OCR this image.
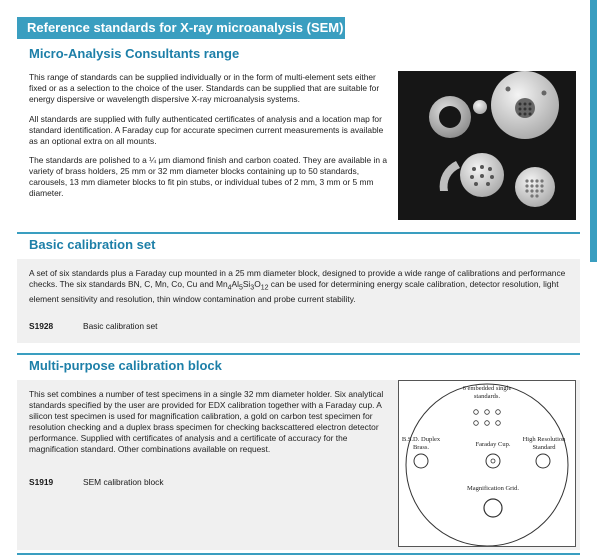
Reference standards for X-ray microanalysis (SEM)
Micro-Analysis Consultants range

This range of standards can be supplied individually or in the form of multi-element sets either fixed or as a selection to the choice of the user. Standards can be supplied that are suitable for energy dispersive or wavelength dispersive X-ray microanalysis systems.

All standards are supplied with fully authenticated certificates of analysis and a location map for standard identification. A Faraday cup for accurate specimen current measurements is available as an optional extra on all mounts.

The standards are polished to a ¼ μm diamond finish and carbon coated. They are available in a variety of brass holders, 25 mm or 32 mm diameter blocks containing up to 50 standards, carousels, 13 mm diameter blocks to fit pin stubs, or individual tubes of 2 mm, 3 mm or 5 mm diameter.

Basic calibration set

A set of six standards plus a Faraday cup mounted in a 25 mm diameter block, designed to provide a wide range of calibrations and performance checks. The six standards BN, C, Mn, Co, Cu and $Mn_4Al_5Si_3O_{12}$ can be used for determining energy scale calibration, detector resolution, light element sensitivity and resolution, thin window contamination and probe current stability.

S1928	Basic calibration set
Multi-purpose calibration block

This set combines a number of test specimens in a single 32 mm diameter holder. Six analytical standards specified by the user are provided for EDX calibration together with a Faraday cup. A silicon test specimen is used for magnification calibration, a gold on carbon test specimen for resolution checking and a duplex brass specimen for checking backscattered electron detector performance. Supplied with certificates of analysis and a certificate of accuracy for the magnification standard. Other combinations available on request.

S1919	SEM calibration block
6 embedded single standards.
B.S.D. Duplex Brass.	Faraday Cup.
High Resolution Standard
Magnification Grid.
